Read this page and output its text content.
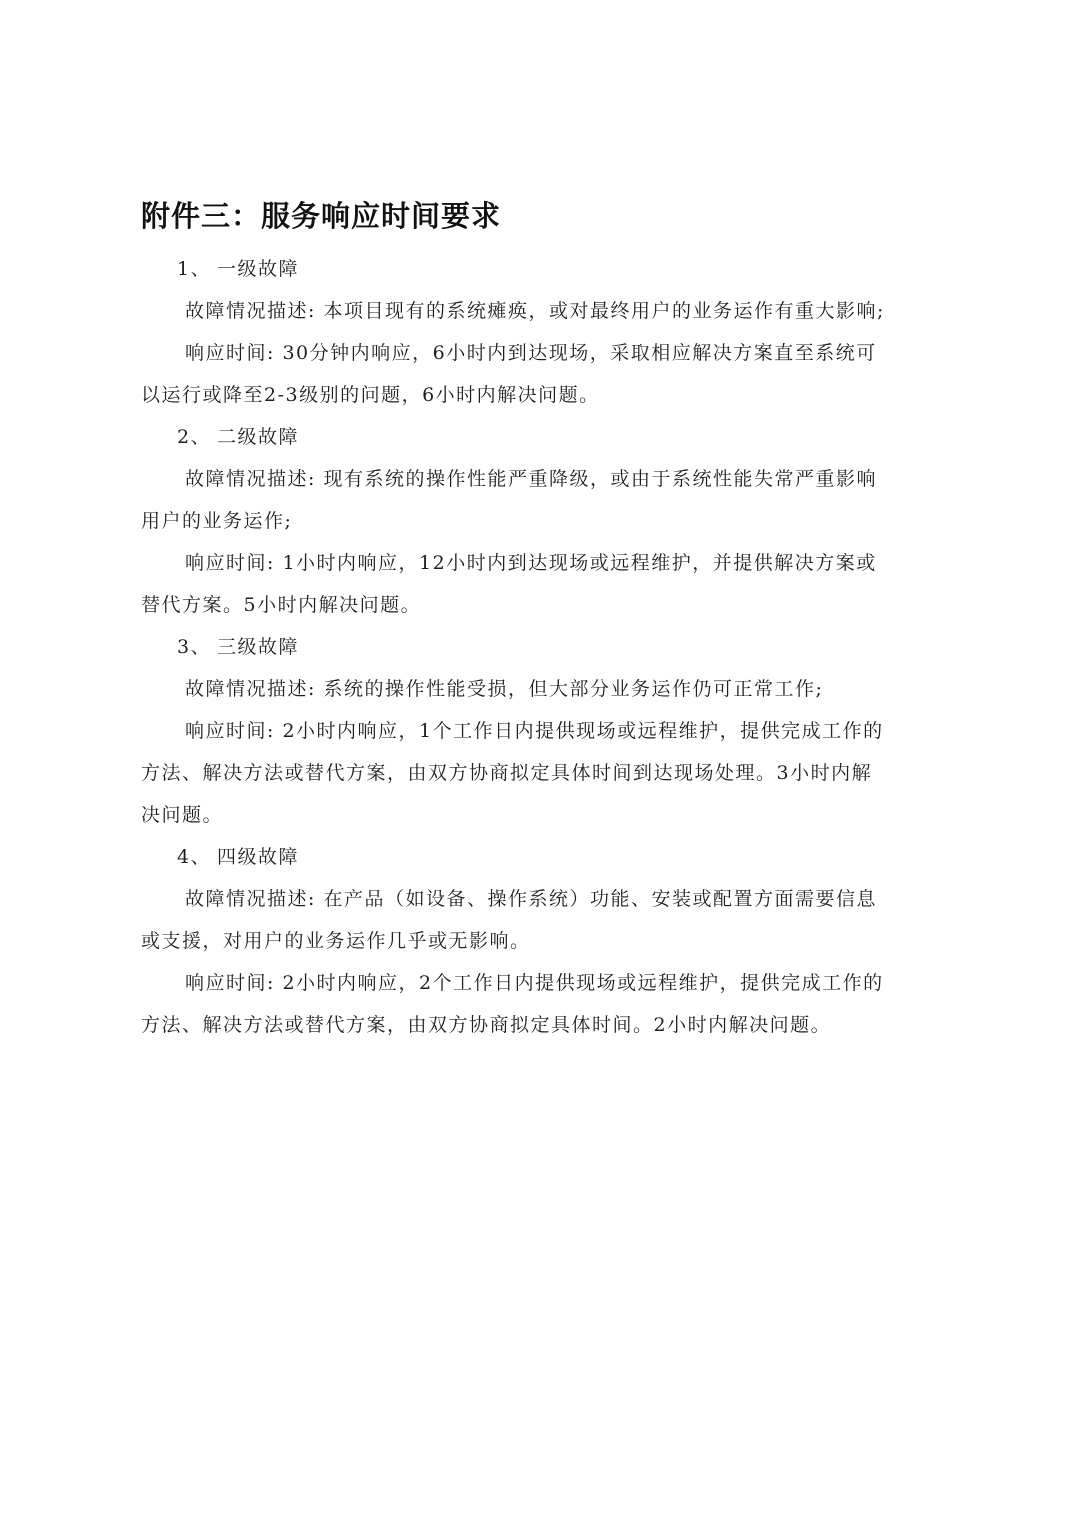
附件三：服务响应时间要求

1、 一级故障

故障情况描述: 本项目现有的系统瘫痪，或对最终用户的业务运作有重大影响;

响应时间: 30分钟内响应，6小时内到达现场，采取相应解决方案直至系统可

以运行或降至2-3级别的问题，6小时内解决问题。

2、 二级故障

故障情况描述: 现有系统的操作性能严重降级，或由于系统性能失常严重影响

用户的业务运作;

响应时间: 1小时内响应，12小时内到达现场或远程维护，并提供解决方案或

替代方案。5小时内解决问题。

3、 三级故障

故障情况描述: 系统的操作性能受损，但大部分业务运作仍可正常工作;

响应时间: 2小时内响应，1个工作日内提供现场或远程维护，提供完成工作的

方法、解决方法或替代方案，由双方协商拟定具体时间到达现场处理。3小时内解

决问题。

4、 四级故障

故障情况描述: 在产品（如设备、操作系统）功能、安装或配置方面需要信息

或支援，对用户的业务运作几乎或无影响。

响应时间: 2小时内响应，2个工作日内提供现场或远程维护，提供完成工作的

方法、解决方法或替代方案，由双方协商拟定具体时间。2小时内解决问题。
